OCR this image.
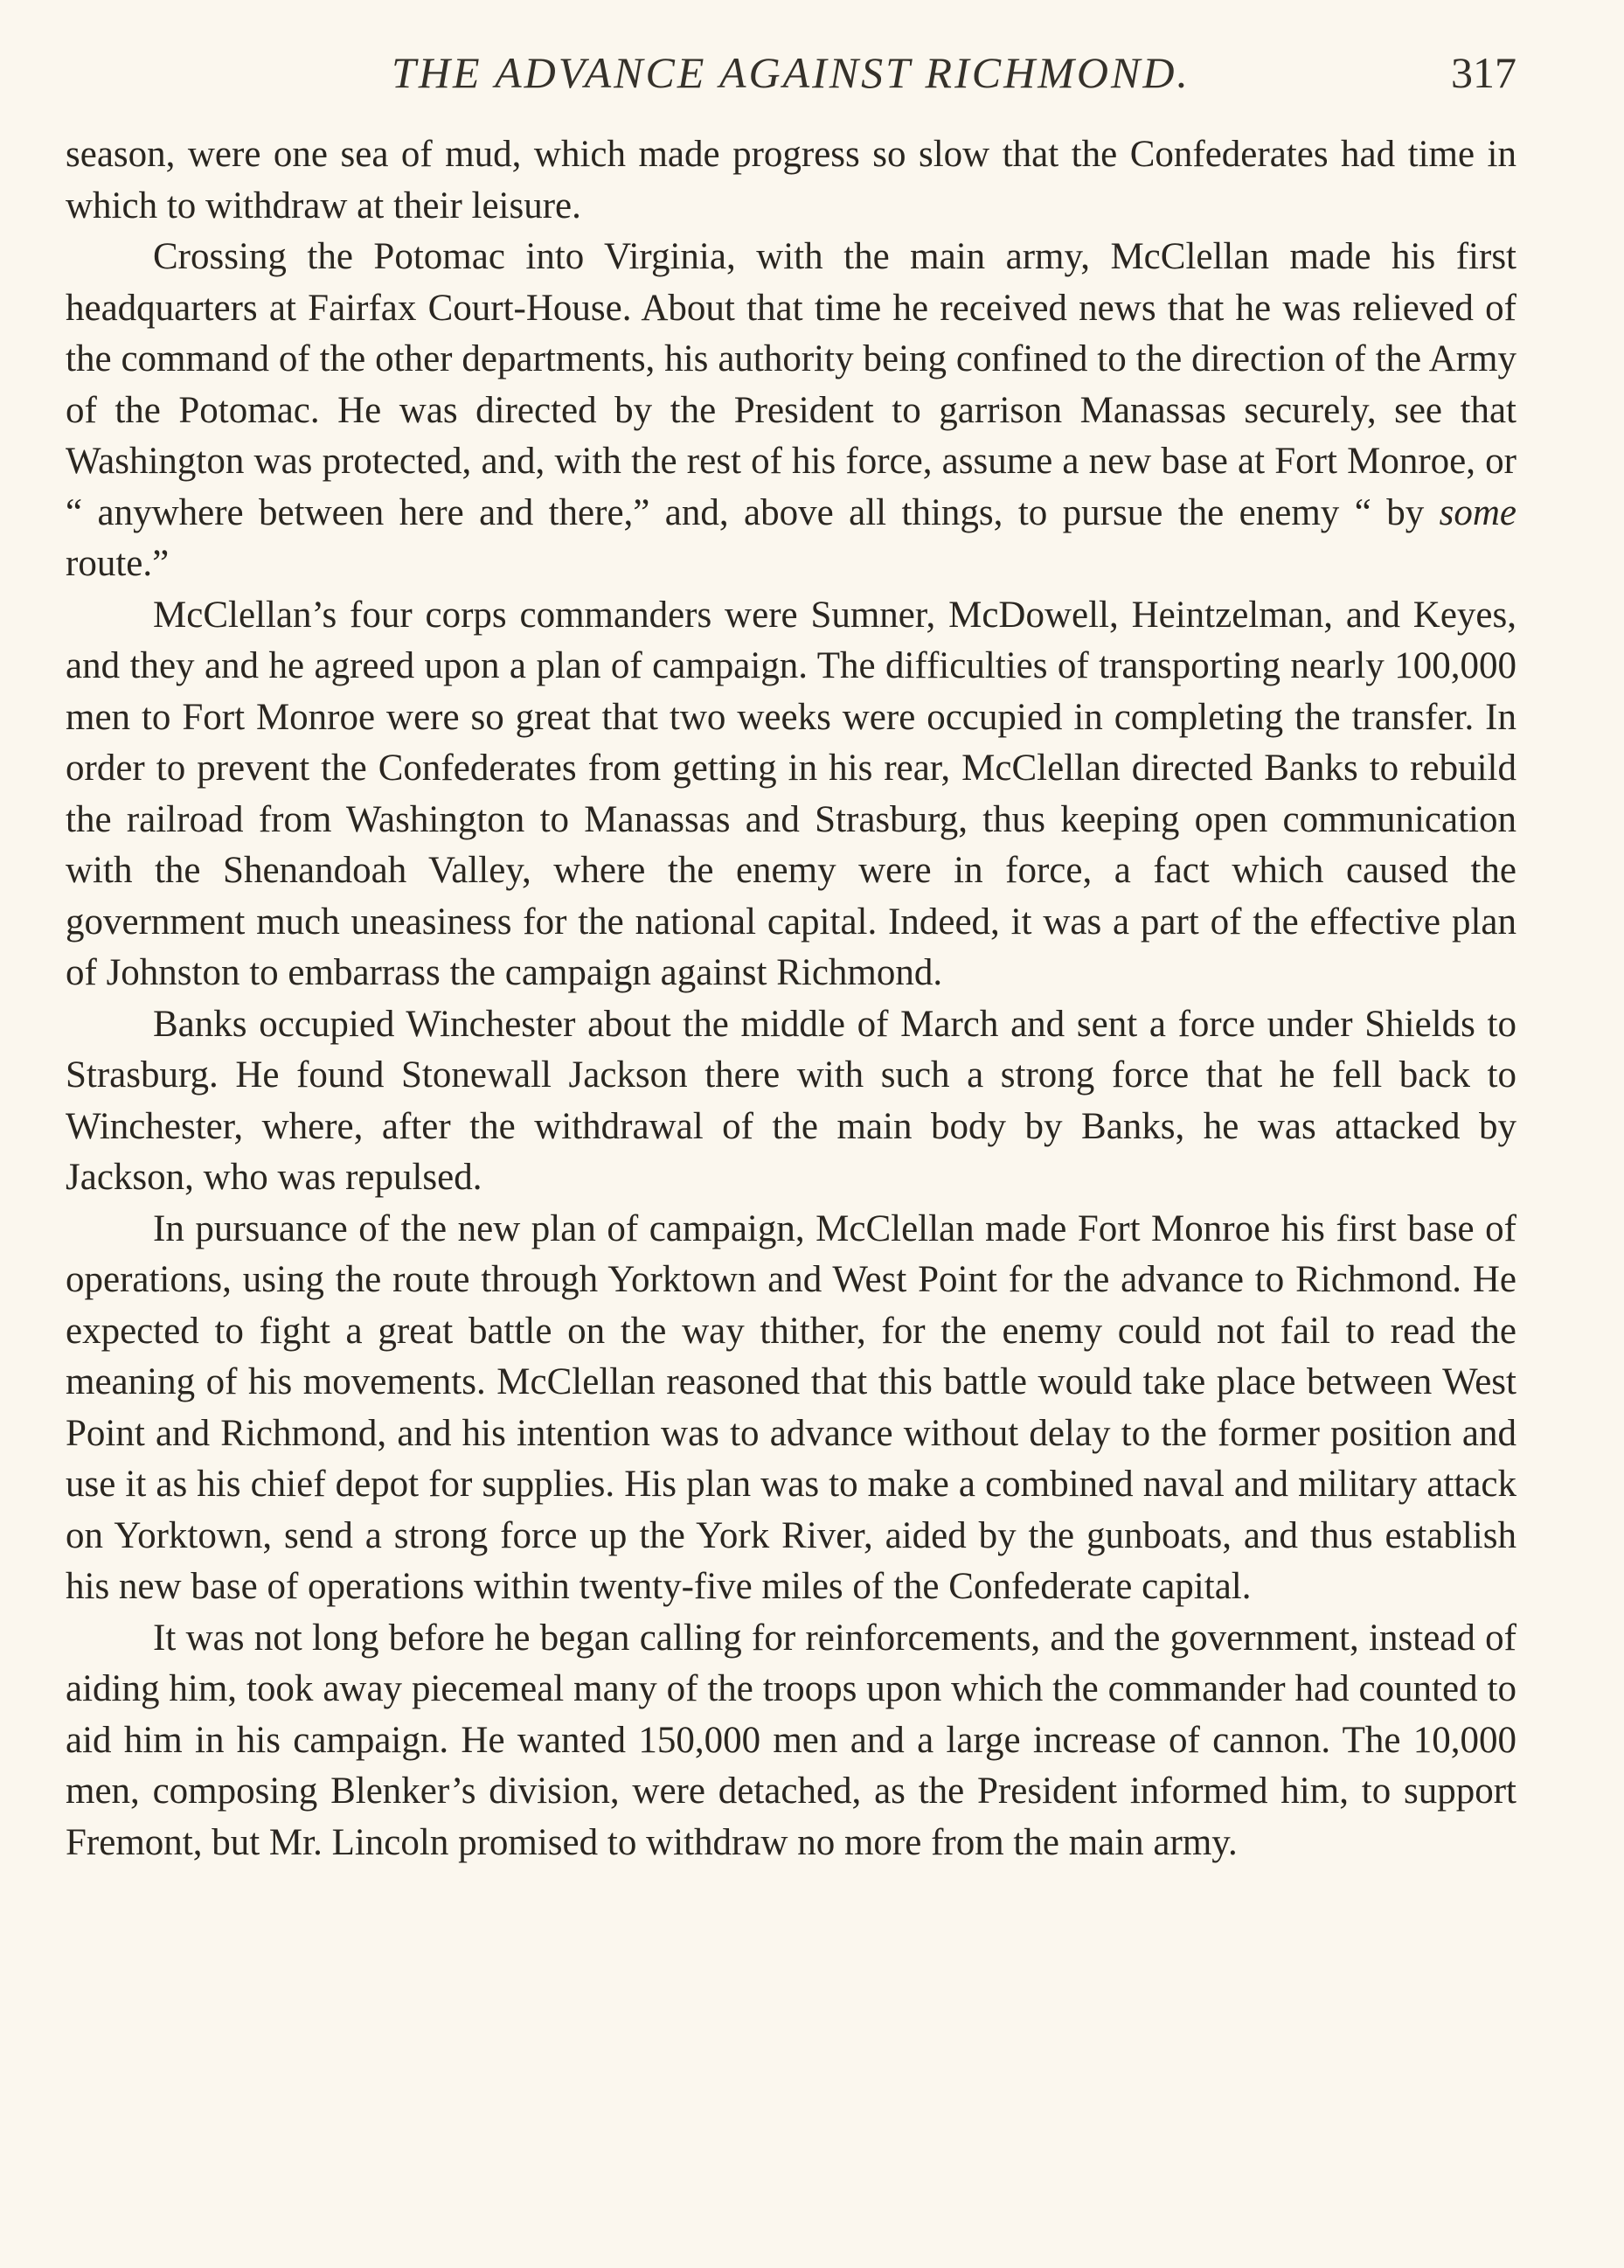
THE ADVANCE AGAINST RICHMOND.	317

season, were one sea of mud, which made progress so slow that the Confederates had time in which to withdraw at their leisure.

Crossing the Potomac into Virginia, with the main army, McClellan made his first headquarters at Fairfax Court-House. About that time he received news that he was relieved of the command of the other departments, his authority being confined to the direction of the Army of the Potomac. He was directed by the President to garrison Manassas securely, see that Washington was protected, and, with the rest of his force, assume a new base at Fort Monroe, or “ anywhere between here and there,” and, above all things, to pursue the enemy “ by some route.”

McClellan’s four corps commanders were Sumner, McDowell, Heintzelman, and Keyes, and they and he agreed upon a plan of campaign. The difficulties of transporting nearly 100,000 men to Fort Monroe were so great that two weeks were occupied in completing the transfer. In order to prevent the Confederates from getting in his rear, McClellan directed Banks to rebuild the railroad from Washington to Manassas and Strasburg, thus keeping open communication with the Shenandoah Valley, where the enemy were in force, a fact which caused the government much uneasiness for the national capital. Indeed, it was a part of the effective plan of Johnston to embarrass the campaign against Richmond.

Banks occupied Winchester about the middle of March and sent a force under Shields to Strasburg. He found Stonewall Jackson there with such a strong force that he fell back to Winchester, where, after the withdrawal of the main body by Banks, he was attacked by Jackson, who was repulsed.

In pursuance of the new plan of campaign, McClellan made Fort Monroe his first base of operations, using the route through Yorktown and West Point for the advance to Richmond. He expected to fight a great battle on the way thither, for the enemy could not fail to read the meaning of his movements. McClellan reasoned that this battle would take place between West Point and Richmond, and his intention was to advance without delay to the former position and use it as his chief depot for supplies. His plan was to make a combined naval and military attack on Yorktown, send a strong force up the York River, aided by the gunboats, and thus establish his new base of operations within twenty-five miles of the Confederate capital.

It was not long before he began calling for reinforcements, and the government, instead of aiding him, took away piecemeal many of the troops upon which the commander had counted to aid him in his campaign. He wanted 150,000 men and a large increase of cannon. The 10,000 men, composing Blenker’s division, were detached, as the President informed him, to support Fremont, but Mr. Lincoln promised to withdraw no more from the main army.
